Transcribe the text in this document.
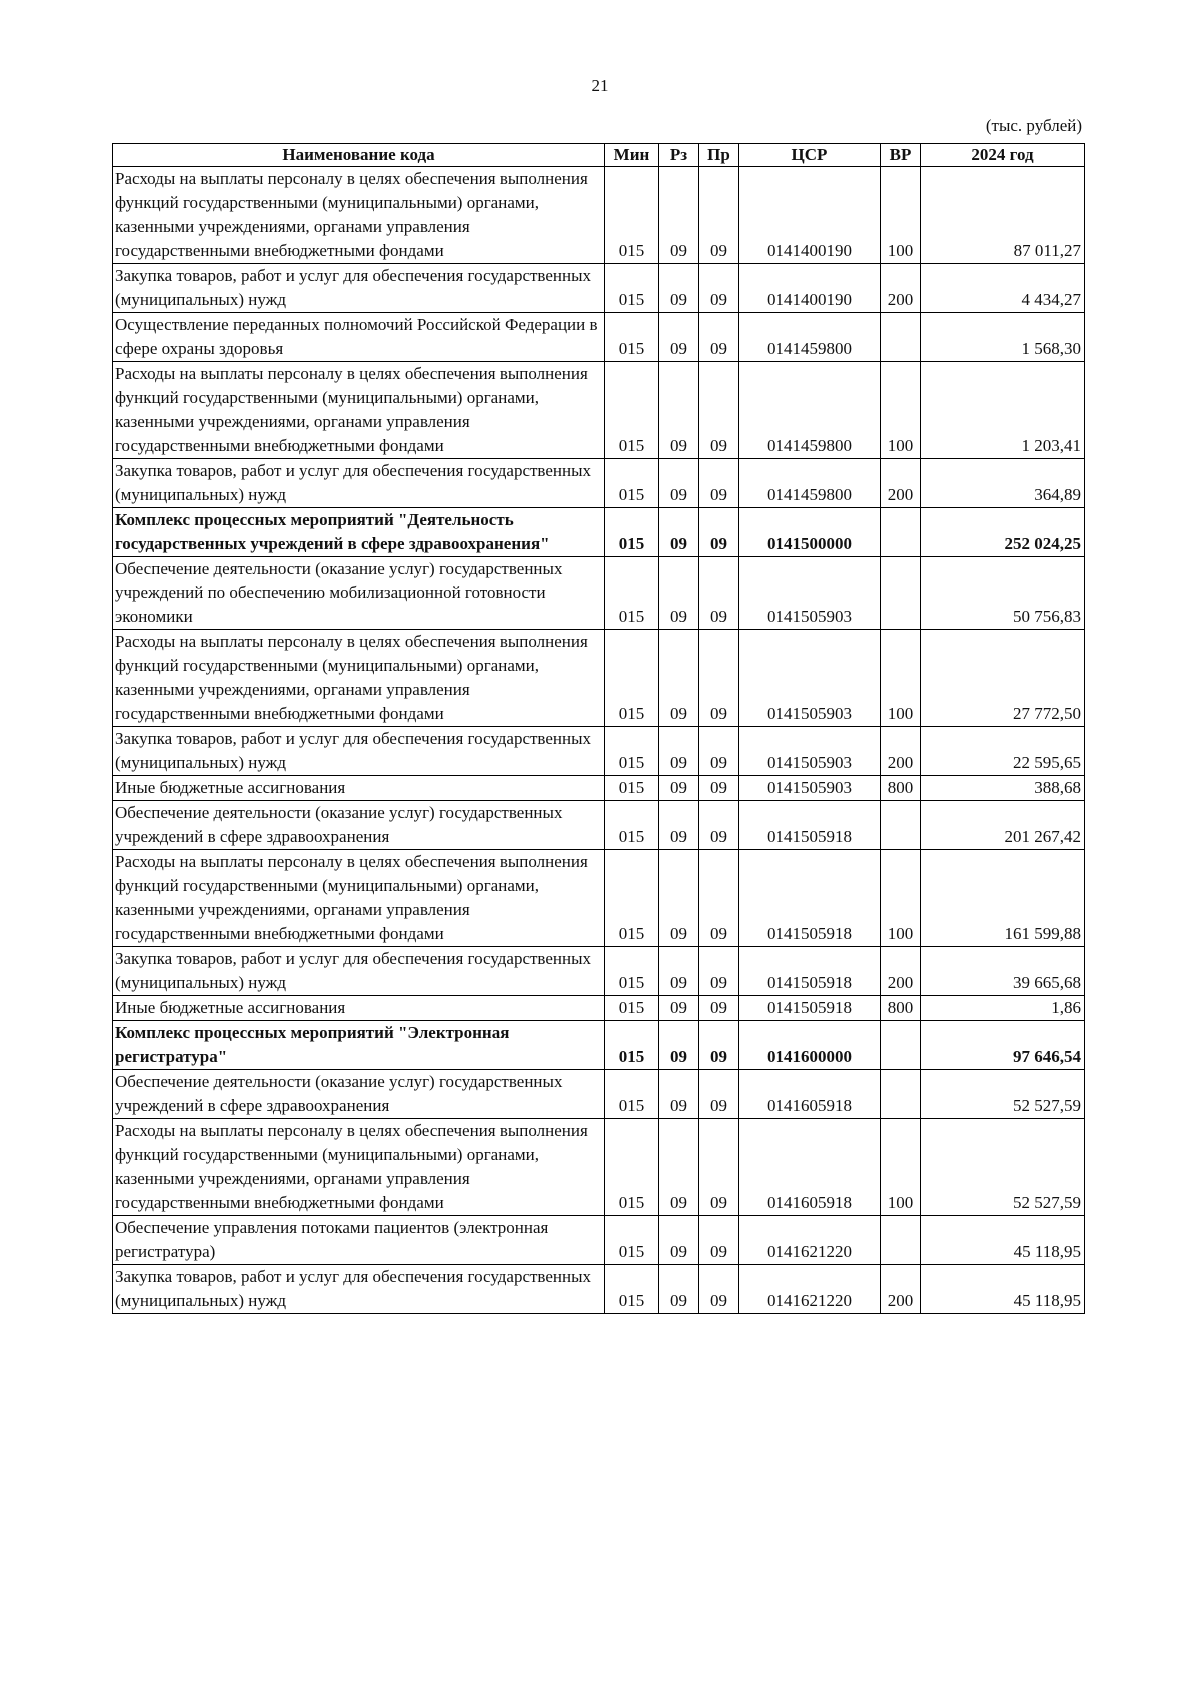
21
(тыс. рублей)
Наименование кода	Мин	Рз	Пр	ЦСР	ВР	2024 год
Расходы на выплаты персоналу в целях обеспечения выполнения функций государственными (муниципальными) органами, казенными учреждениями, органами управления государственными внебюджетными фондами	015	09	09	0141400190	100	87 011,27
Закупка товаров, работ и услуг для обеспечения государственных (муниципальных) нужд	015	09	09	0141400190	200	4 434,27
Осуществление переданных полномочий Российской Федерации в сфере охраны здоровья	015	09	09	0141459800		1 568,30
Расходы на выплаты персоналу в целях обеспечения выполнения функций государственными (муниципальными) органами, казенными учреждениями, органами управления государственными внебюджетными фондами	015	09	09	0141459800	100	1 203,41
Закупка товаров, работ и услуг для обеспечения государственных (муниципальных) нужд	015	09	09	0141459800	200	364,89
Комплекс процессных мероприятий "Деятельность государственных учреждений в сфере здравоохранения"	015	09	09	0141500000		252 024,25
Обеспечение деятельности (оказание услуг) государственных учреждений по обеспечению мобилизационной готовности экономики	015	09	09	0141505903		50 756,83
Расходы на выплаты персоналу в целях обеспечения выполнения функций государственными (муниципальными) органами, казенными учреждениями, органами управления государственными внебюджетными фондами	015	09	09	0141505903	100	27 772,50
Закупка товаров, работ и услуг для обеспечения государственных (муниципальных) нужд	015	09	09	0141505903	200	22 595,65
Иные бюджетные ассигнования	015	09	09	0141505903	800	388,68
Обеспечение деятельности (оказание услуг) государственных учреждений в сфере здравоохранения	015	09	09	0141505918		201 267,42
Расходы на выплаты персоналу в целях обеспечения выполнения функций государственными (муниципальными) органами, казенными учреждениями, органами управления государственными внебюджетными фондами	015	09	09	0141505918	100	161 599,88
Закупка товаров, работ и услуг для обеспечения государственных (муниципальных) нужд	015	09	09	0141505918	200	39 665,68
Иные бюджетные ассигнования	015	09	09	0141505918	800	1,86
Комплекс процессных мероприятий "Электронная регистратура"	015	09	09	0141600000		97 646,54
Обеспечение деятельности (оказание услуг) государственных учреждений в сфере здравоохранения	015	09	09	0141605918		52 527,59
Расходы на выплаты персоналу в целях обеспечения выполнения функций государственными (муниципальными) органами, казенными учреждениями, органами управления государственными внебюджетными фондами	015	09	09	0141605918	100	52 527,59
Обеспечение управления потоками пациентов (электронная регистратура)	015	09	09	0141621220		45 118,95
Закупка товаров, работ и услуг для обеспечения государственных (муниципальных) нужд	015	09	09	0141621220	200	45 118,95
